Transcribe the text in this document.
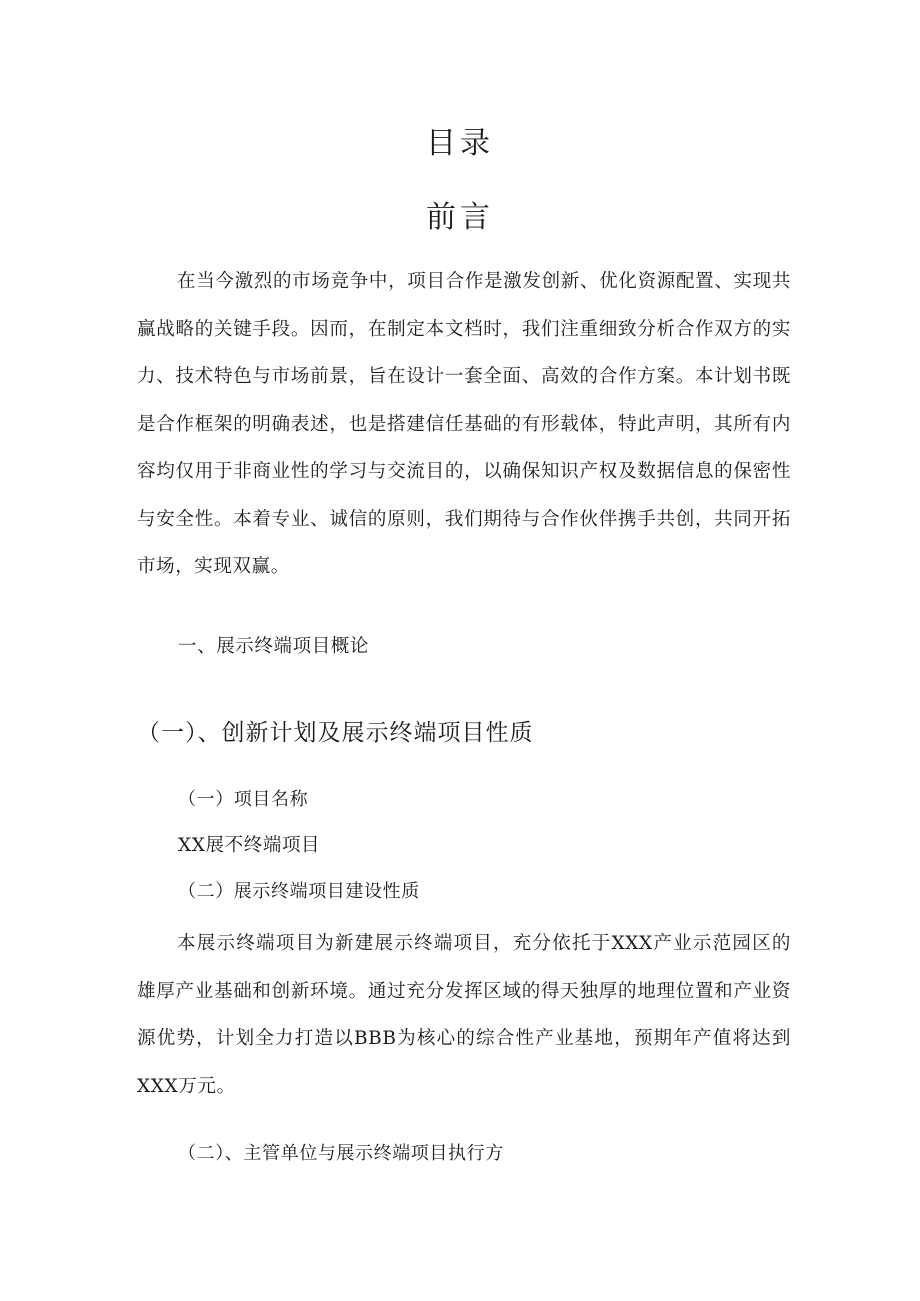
目录
前言

在当今激烈的市场竞争中，项目合作是激发创新、优化资源配置、实现共赢战略的关键手段。因而，在制定本文档时，我们注重细致分析合作双方的实力、技术特色与市场前景，旨在设计一套全面、高效的合作方案。本计划书既是合作框架的明确表述，也是搭建信任基础的有形载体，特此声明，其所有内容均仅用于非商业性的学习与交流目的，以确保知识产权及数据信息的保密性与安全性。本着专业、诚信的原则，我们期待与合作伙伴携手共创，共同开拓市场，实现双赢。

一、展示终端项目概论
（一）、创新计划及展示终端项目性质
（一）项目名称

XX展不终端项目

（二）展示终端项目建设性质

本展示终端项目为新建展示终端项目，充分依托于XXX产业示范园区的雄厚产业基础和创新环境。通过充分发挥区域的得天独厚的地理位置和产业资源优势，计划全力打造以BBB为核心的综合性产业基地，预期年产值将达到XXX万元。

（二）、主管单位与展示终端项目执行方
